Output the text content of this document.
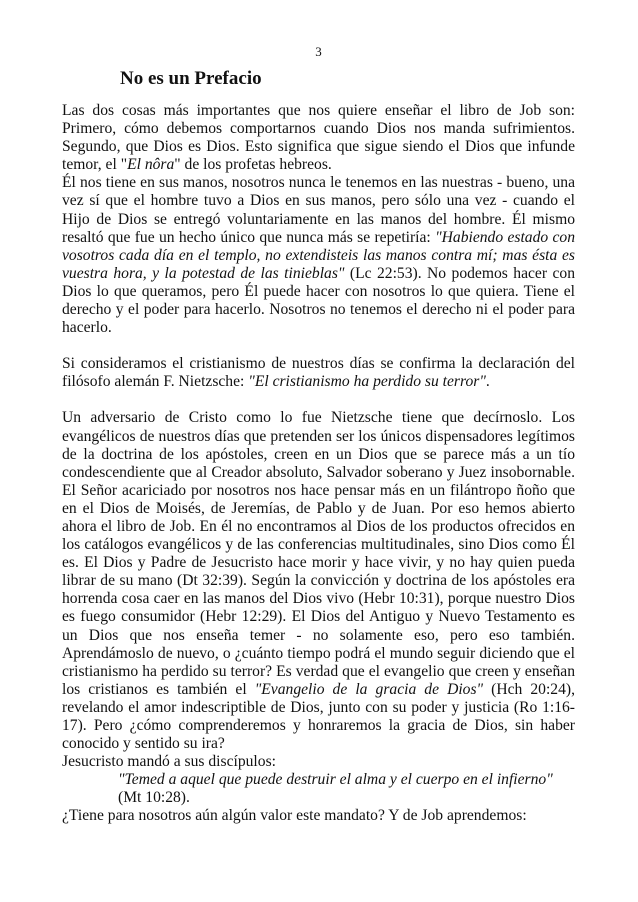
3
No es un Prefacio

Las dos cosas más importantes que nos quiere enseñar el libro de Job son: Primero, cómo debemos comportarnos cuando Dios nos manda sufrimientos. Segundo, que Dios es Dios. Esto significa que sigue siendo el Dios que infunde temor, el "El nôra" de los profetas hebreos.

Él nos tiene en sus manos, nosotros nunca le tenemos en las nuestras - bueno, una vez sí que el hombre tuvo a Dios en sus manos, pero sólo una vez - cuando el Hijo de Dios se entregó voluntariamente en las manos del hombre. Él mismo resaltó que fue un hecho único que nunca más se repetiría: "Habiendo estado con vosotros cada día en el templo, no extendisteis las manos contra mí; mas ésta es vuestra hora, y la potestad de las tinieblas" (Lc 22:53). No podemos hacer con Dios lo que queramos, pero Él puede hacer con nosotros lo que quiera. Tiene el derecho y el poder para hacerlo. Nosotros no tenemos el derecho ni el poder para hacerlo.

Si consideramos el cristianismo de nuestros días se confirma la declaración del filósofo alemán F. Nietzsche: "El cristianismo ha perdido su terror".

Un adversario de Cristo como lo fue Nietzsche tiene que decírnoslo. Los evangélicos de nuestros días que pretenden ser los únicos dispensadores legítimos de la doctrina de los apóstoles, creen en un Dios que se parece más a un tío condescendiente que al Creador absoluto, Salvador soberano y Juez insobornable. El Señor acariciado por nosotros nos hace pensar más en un filántropo ñoño que en el Dios de Moisés, de Jeremías, de Pablo y de Juan. Por eso hemos abierto ahora el libro de Job. En él no encontramos al Dios de los productos ofrecidos en los catálogos evangélicos y de las conferencias multitudinales, sino Dios como Él es. El Dios y Padre de Jesucristo hace morir y hace vivir, y no hay quien pueda librar de su mano (Dt 32:39). Según la convicción y doctrina de los apóstoles era horrenda cosa caer en las manos del Dios vivo (Hebr 10:31), porque nuestro Dios es fuego consumidor (Hebr 12:29). El Dios del Antiguo y Nuevo Testamento es un Dios que nos enseña temer - no solamente eso, pero eso también. Aprendámoslo de nuevo, o ¿cuánto tiempo podrá el mundo seguir diciendo que el cristianismo ha perdido su terror? Es verdad que el evangelio que creen y enseñan los cristianos es también el "Evangelio de la gracia de Dios" (Hch 20:24), revelando el amor indescriptible de Dios, junto con su poder y justicia (Ro 1:16-17). Pero ¿cómo comprenderemos y honraremos la gracia de Dios, sin haber conocido y sentido su ira?

Jesucristo mandó a sus discípulos:

"Temed a aquel que puede destruir el alma y el cuerpo en el infierno"
(Mt 10:28).

¿Tiene para nosotros aún algún valor este mandato? Y de Job aprendemos:
